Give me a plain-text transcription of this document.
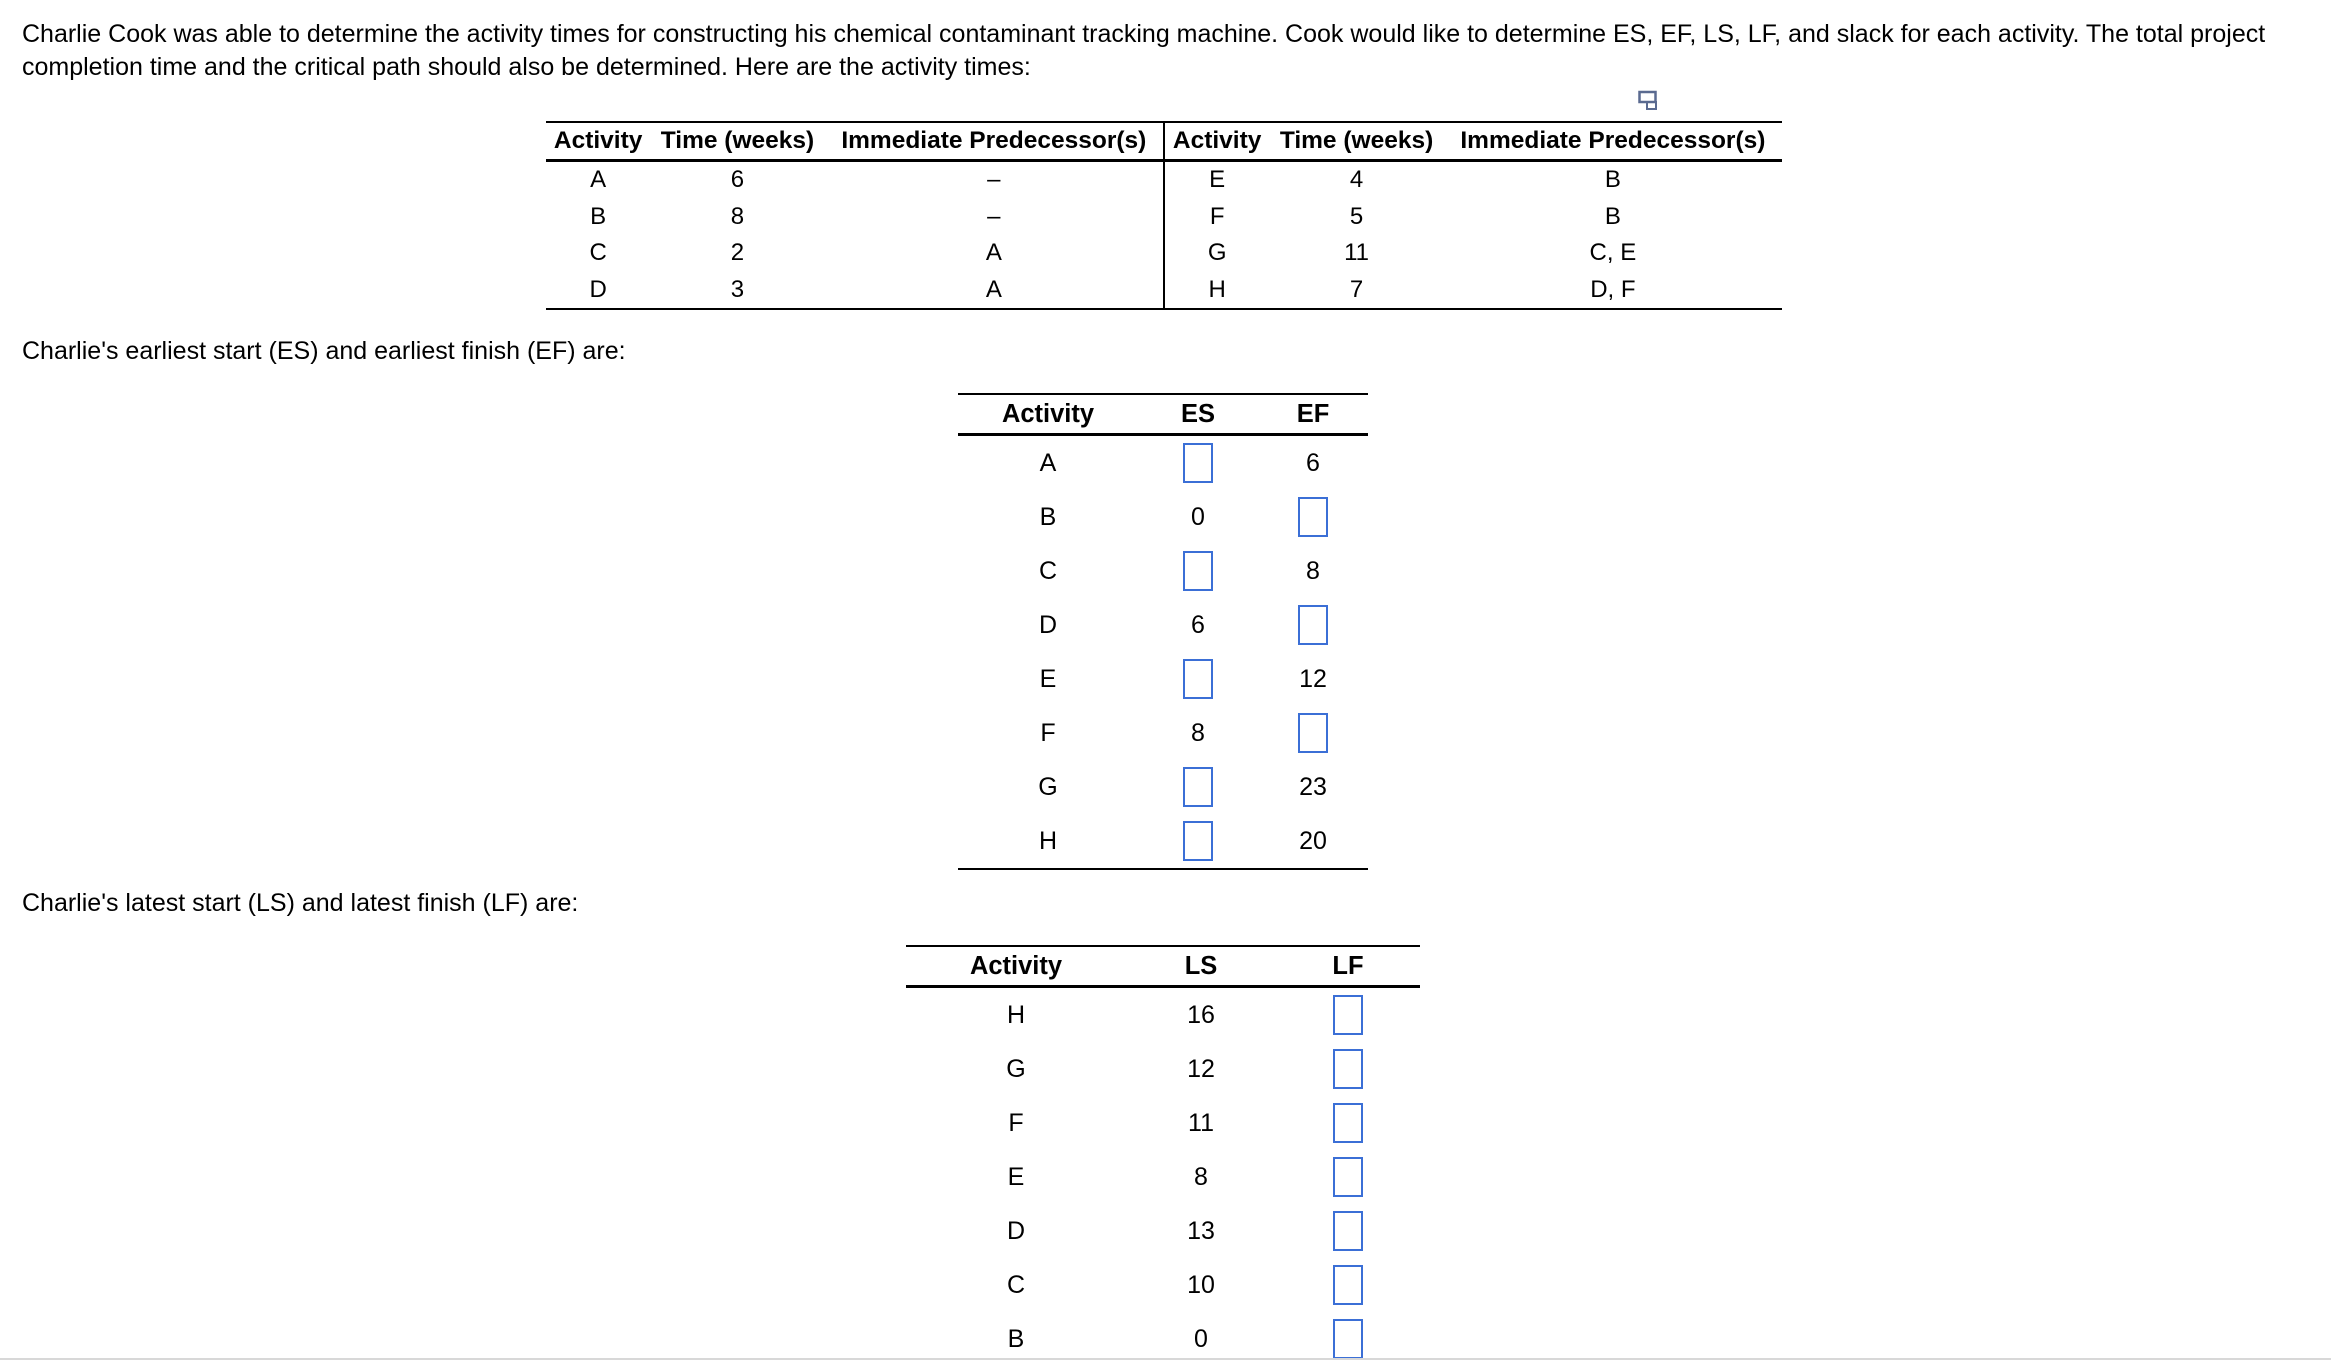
Charlie Cook was able to determine the activity times for constructing his chemical contaminant tracking machine. Cook would like to determine ES, EF, LS, LF, and slack for each activity. The total project completion time and the critical path should also be determined. Here are the activity times:
Activity	Time (weeks)	Immediate Predecessor(s)	Activity	Time (weeks)	Immediate Predecessor(s)
A	6	–	E	4	B
B	8	–	F	5	B
C	2	A	G	11	C, E
D	3	A	H	7	D, F
Charlie's earliest start (ES) and earliest finish (EF) are:
Activity	ES	EF
A		6
B	0	
C		8
D	6	
E		12
F	8	
G		23
H		20
Charlie's latest start (LS) and latest finish (LF) are:
Activity	LS	LF
H	16	
G	12	
F	11	
E	8	
D	13	
C	10	
B	0	
